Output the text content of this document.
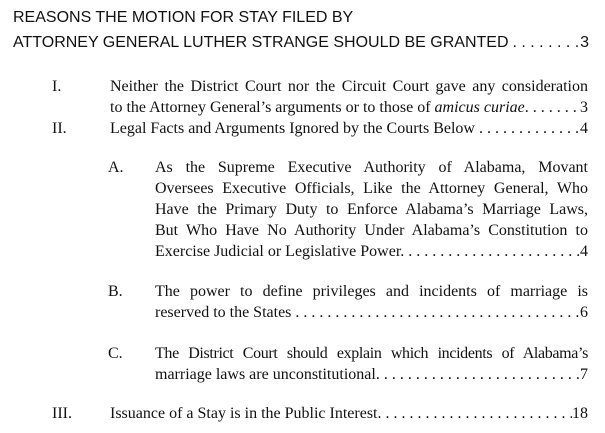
REASONS THE MOTION FOR STAY FILED BY
ATTORNEY GENERAL LUTHER STRANGE SHOULD BE GRANTED . . .	3
I.	Neither the District Court nor the Circuit Court gave any consideration
to the Attorney General’s arguments or to those of amicus curiae. . . .	3
II.	Legal Facts and Arguments Ignored by the Courts Below . . .	4
A. As the Supreme Executive Authority of Alabama, Movant
Oversees Executive Officials, Like the Attorney General, Who
Have the Primary Duty to Enforce Alabama’s Marriage Laws,
But Who Have No Authority Under Alabama’s Constitution to
Exercise Judicial or Legislative Power. . . .	4
B. The power to define privileges and incidents of marriage is
reserved to the States . . .	6
C. The District Court should explain which incidents of Alabama’s
marriage laws are unconstitutional. . . .	7
III. Issuance of a Stay is in the Public Interest. . . .	18
